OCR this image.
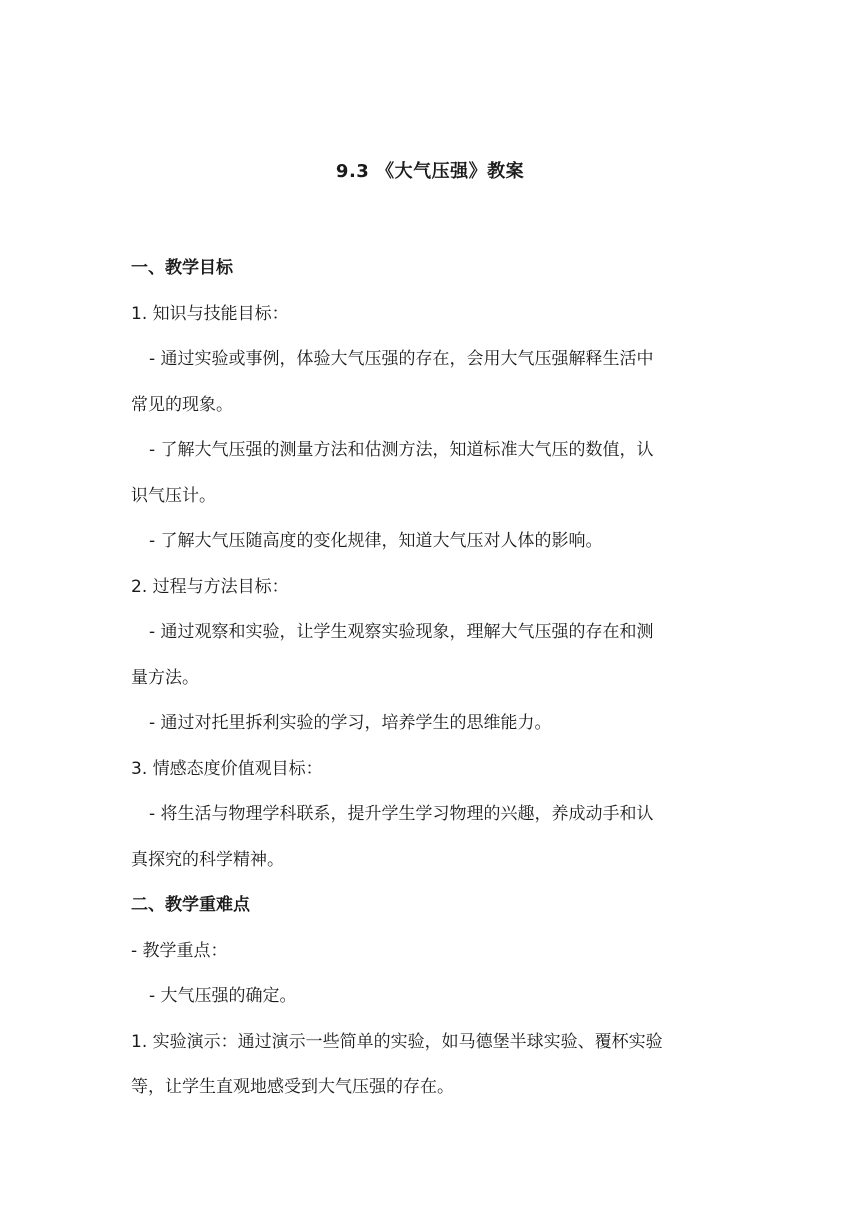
9.3 《大气压强》教案

一、教学目标

1. 知识与技能目标：

- 通过实验或事例，体验大气压强的存在，会用大气压强解释生活中

常见的现象。

- 了解大气压强的测量方法和估测方法，知道标准大气压的数值，认

识气压计。

- 了解大气压随高度的变化规律，知道大气压对人体的影响。

2. 过程与方法目标：

- 通过观察和实验，让学生观察实验现象，理解大气压强的存在和测

量方法。

- 通过对托里拆利实验的学习，培养学生的思维能力。

3. 情感态度价值观目标：

- 将生活与物理学科联系，提升学生学习物理的兴趣，养成动手和认

真探究的科学精神。

二、教学重难点

- 教学重点：

- 大气压强的确定。

1. 实验演示：通过演示一些简单的实验，如马德堡半球实验、覆杯实验

等，让学生直观地感受到大气压强的存在。
